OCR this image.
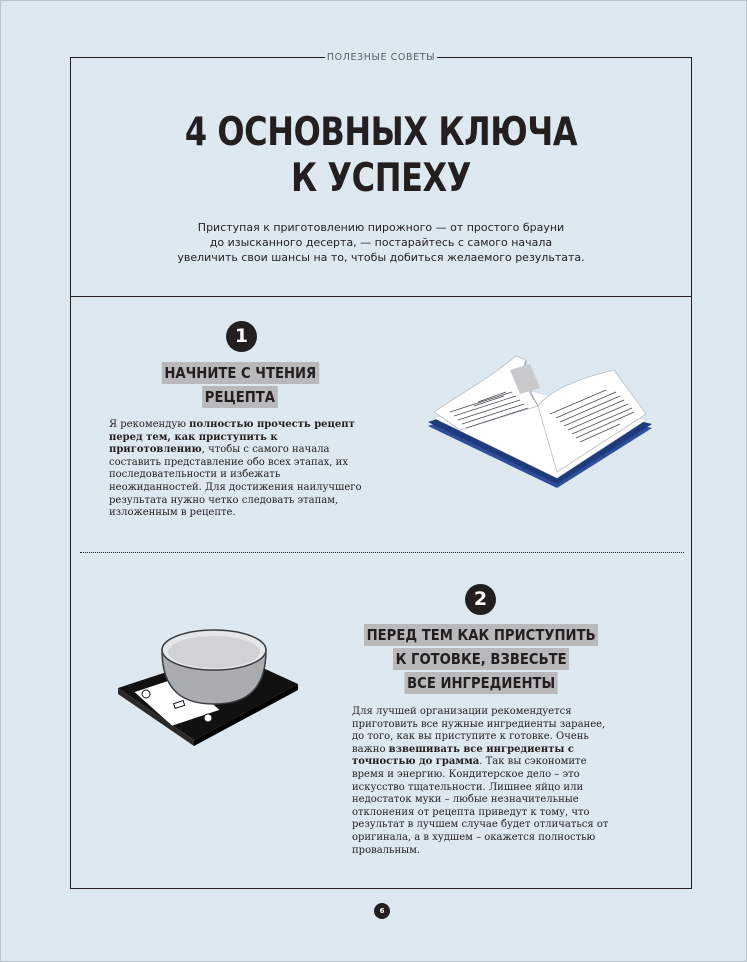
ПОЛЕЗНЫЕ СОВЕТЫ
4 ОСНОВНЫХ КЛЮЧА
К УСПЕХУ
Приступая к приготовлению пирожного — от простого брауни
до изысканного десерта, — постарайтесь с самого начала
увеличить свои шансы на то, чтобы добиться желаемого результата.
1
НАЧНИТЕ С ЧТЕНИЯ
РЕЦЕПТА
Я рекомендую полностью прочесть рецепт перед тем, как приступить к приготовлению, чтобы с самого начала составить представление обо всех этапах, их последовательности и избежать неожиданностей. Для достижения наилучшего результата нужно четко следовать этапам, изложенным в рецепте.
2
ПЕРЕД ТЕМ КАК ПРИСТУПИТЬ
К ГОТОВКЕ, ВЗВЕСЬТЕ
ВСЕ ИНГРЕДИЕНТЫ
Для лучшей организации рекомендуется приготовить все нужные ингредиенты заранее, до того, как вы приступите к готовке. Очень важно взвешивать все ингредиенты с точностью до грамма. Так вы сэкономите время и энергию. Кондитерское дело – это искусство тщательности. Лишнее яйцо или недостаток муки – любые незначительные отклонения от рецепта приведут к тому, что результат в лучшем случае будет отличаться от оригинала, а в худшем – окажется полностью провальным.
6
